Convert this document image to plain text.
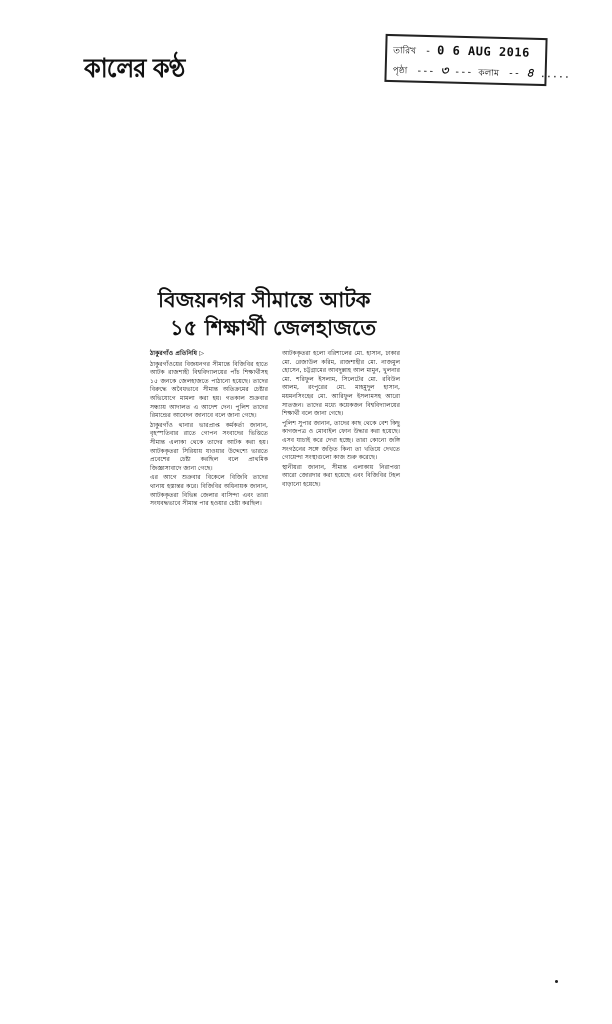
কালের কণ্ঠ
তারিখ - 0 6 AUG 2016
পৃষ্ঠা --- ৩ --- কলাম -- ৪ .....
বিজয়নগর সীমান্তে আটক
১৫ শিক্ষার্থী জেলহাজতে
ঠাকুরগাঁও প্রতিনিধি ▷

ঠাকুরগাঁওয়ের বিজয়নগর সীমান্তে বিজিবির হাতে আটক রাজশাহী বিশ্ববিদ্যালয়ের পাঁচ শিক্ষার্থীসহ ১৫ জনকে জেলহাজতে পাঠানো হয়েছে। তাদের বিরুদ্ধে অবৈধভাবে সীমান্ত অতিক্রমের চেষ্টার অভিযোগে মামলা করা হয়। গতকাল শুক্রবার সন্ধ্যায় আদালত এ আদেশ দেন। পুলিশ তাদের রিমান্ডের আবেদন জানাবে বলে জানা গেছে।

ঠাকুরগাঁও থানার ভারপ্রাপ্ত কর্মকর্তা জানান, বৃহস্পতিবার রাতে গোপন সংবাদের ভিত্তিতে সীমান্ত এলাকা থেকে তাদের আটক করা হয়। আটককৃতরা সিরিয়ায় যাওয়ার উদ্দেশ্যে ভারতে প্রবেশের চেষ্টা করছিল বলে প্রাথমিক জিজ্ঞাসাবাদে জানা গেছে।

এর আগে শুক্রবার বিকেলে বিজিবি তাদের থানায় হস্তান্তর করে। বিজিবির অধিনায়ক জানান, আটককৃতরা বিভিন্ন জেলার বাসিন্দা এবং তারা সংঘবদ্ধভাবে সীমান্ত পার হওয়ার চেষ্টা করছিল।

আটককৃতরা হলো বরিশালের মো. হাসান, ঢাকার মো. রেজাউল করিম, রাজশাহীর মো. নাজমুল হোসেন, চট্টগ্রামের আবদুল্লাহ আল মামুন, খুলনার মো. শরিফুল ইসলাম, সিলেটের মো. রবিউল আলম, রংপুরের মো. মাহমুদুল হাসান, ময়মনসিংহের মো. আরিফুল ইসলামসহ আরো সাতজন। তাদের মধ্যে কয়েকজন বিশ্ববিদ্যালয়ের শিক্ষার্থী বলে জানা গেছে।

পুলিশ সুপার জানান, তাদের কাছ থেকে বেশ কিছু কাগজপত্র ও মোবাইল ফোন উদ্ধার করা হয়েছে। এসব যাচাই করে দেখা হচ্ছে। তারা কোনো জঙ্গি সংগঠনের সঙ্গে জড়িত কিনা তা খতিয়ে দেখতে গোয়েন্দা সংস্থাগুলো কাজ শুরু করেছে।

স্থানীয়রা জানান, সীমান্ত এলাকায় নিরাপত্তা আরো জোরদার করা হয়েছে এবং বিজিবির টহল বাড়ানো হয়েছে।
